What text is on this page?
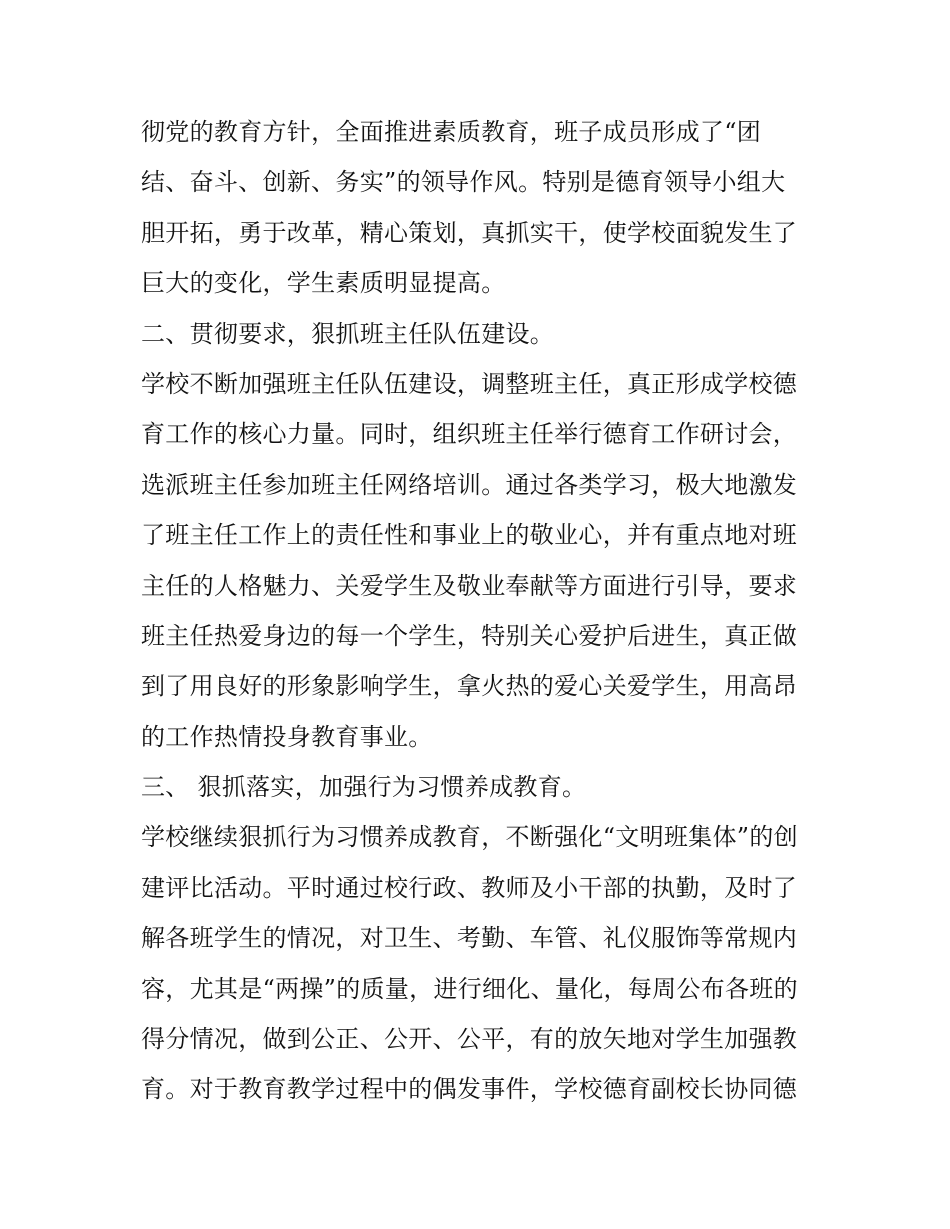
彻党的教育方针，全面推进素质教育，班子成员形成了“团
结、奋斗、创新、务实”的领导作风。特别是德育领导小组大
胆开拓，勇于改革，精心策划，真抓实干，使学校面貌发生了
巨大的变化，学生素质明显提高。
二、贯彻要求，狠抓班主任队伍建设。
学校不断加强班主任队伍建设，调整班主任，真正形成学校德
育工作的核心力量。同时，组织班主任举行德育工作研讨会，
选派班主任参加班主任网络培训。通过各类学习，极大地激发
了班主任工作上的责任性和事业上的敬业心，并有重点地对班
主任的人格魅力、关爱学生及敬业奉献等方面进行引导，要求
班主任热爱身边的每一个学生，特别关心爱护后进生，真正做
到了用良好的形象影响学生，拿火热的爱心关爱学生，用高昂
的工作热情投身教育事业。
三、 狠抓落实，加强行为习惯养成教育。
学校继续狠抓行为习惯养成教育，不断强化“文明班集体”的创
建评比活动。平时通过校行政、教师及小干部的执勤，及时了
解各班学生的情况，对卫生、考勤、车管、礼仪服饰等常规内
容，尤其是“两操”的质量，进行细化、量化，每周公布各班的
得分情况，做到公正、公开、公平，有的放矢地对学生加强教
育。对于教育教学过程中的偶发事件，学校德育副校长协同德
